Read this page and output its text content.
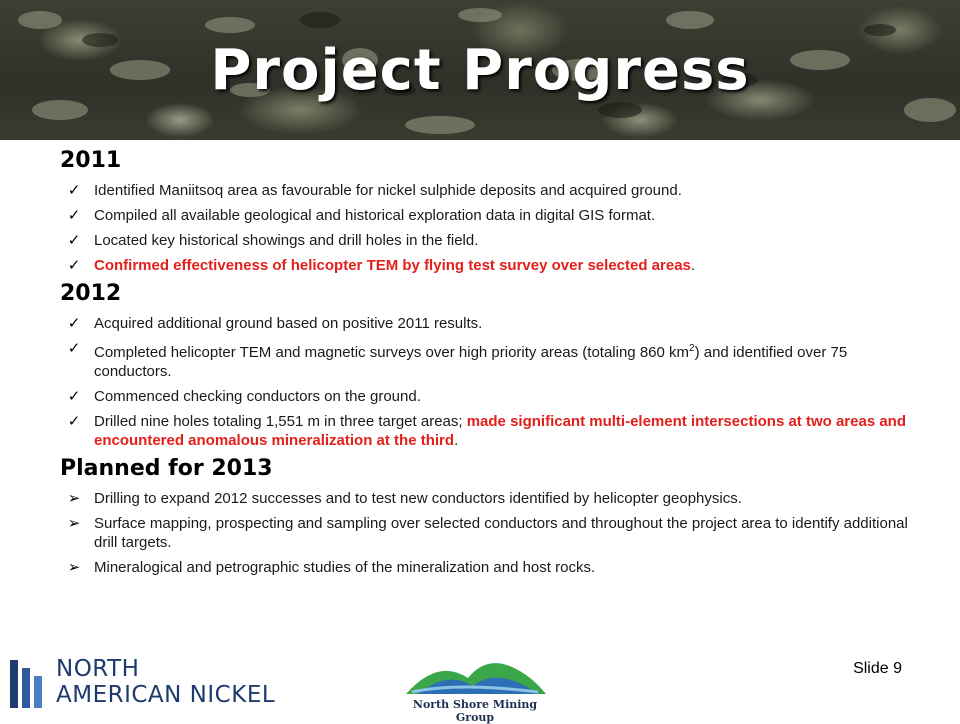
Project Progress
2011
✓ Identified Maniitsoq area as favourable for nickel sulphide deposits and acquired ground.
✓ Compiled all available geological and historical exploration data in digital GIS format.
✓ Located key historical showings and drill holes in the field.
✓ Confirmed effectiveness of helicopter TEM by flying test survey over selected areas.
2012
✓ Acquired additional ground based on positive 2011 results.
✓ Completed helicopter TEM and magnetic surveys over high priority areas (totaling 860 $km^2$) and identified over 75 conductors.
✓ Commenced checking conductors on the ground.
✓ Drilled nine holes totaling 1,551 m in three target areas; made significant multi-element intersections at two areas and encountered anomalous mineralization at the third.
Planned for 2013
➢ Drilling to expand 2012 successes and to test new conductors identified by helicopter geophysics.
➢ Surface mapping, prospecting and sampling over selected conductors and throughout the project area to identify additional drill targets.
➢ Mineralogical and petrographic studies of the mineralization and host rocks.
NORTH
AMERICAN NICKEL	North Shore Mining Group
Slide 9
